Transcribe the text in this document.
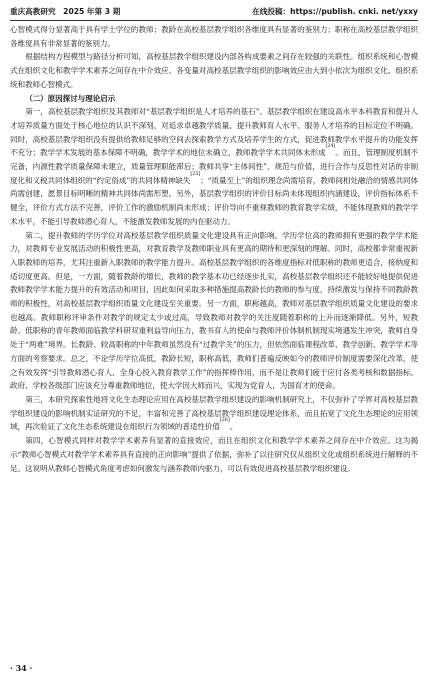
重庆高教研究　2025 年第 3 期	在线投稿：https://publish. cnki. net/yxxy

心智模式得分显著高于具有学士学位的教师；教龄在高校基层教学组织各维度具有显著的鉴别力；职称在高校基层教学组织各维度具有非常显著的鉴别力。

根据结构方程模型与路径分析可知，高校基层教学组织建设内部各构成要素之间存在较强的关联性。组织系统和心智模式在组织文化和教学学术素养之间存在中介效应。各变量对高校基层教学组织的影响效应由大到小依次为组织文化、组织系统和教师心智模式。

（二）原因探讨与理论启示

第一，高校基层教学组织及其教师对“基层教学组织是人才培养的基石”、基层教学组织在建设高水平本科教育和提升人才培养质量方面处于核心地位的认识不深刻，对追求卓越教学质量、提升教师育人水平、服务人才培养的目标定位不明确。同时，高校基层教学组织没有提供给教师足够的空间去探索教学方式及培养学生的方式，促进教师教学水平提升的功能发挥不充分；教学学术发展的基本保障不明确，教学学术的地位未确立，教师教学学术共同体未形成[24]。而且，管理制度机制不完备，内源性教学质量保障未建立，质量管理职能滞后；教师共享“主体间性”、规范与价值，进行合作与反思性对话的非制度化和义税共同体组织的“约定俗成”的共同体精神缺失[25]；“质量至上”的组织理念尚需培育，教师间相处融洽的情感共同体尚需创建，愿景目标明晰的精神共同体尚需形塑。另外，基层教学组织的评价目标尚未体现组织内涵建设，评价指标体系不健全，评价方式方法不完善，评价工作的激励机制尚未形成；评价导向不重视教师的教育教学实绩，不能体现教师的教学学术水平，不能引导教师潜心育人，不能激发教师发展的内在驱动力。

第二，提升教师的学历学位对高校基层教学组织质量文化建设具有正向影响。学历学位高的教师拥有更强的教学学术能力，对教师专业发展活动的积极性更高，对教育教学及教师职业具有更高的期待和更深刻的理解。同时，高校都非常重视新入职教师的培养，尤其注重新入职教师的教学能力提升。高校基层教学组织的各维度指标对低职称的教师更适合，接纳度和适切度更高。但是，一方面，随着教龄的增长，教师的教学基本功已经逐步扎实，高校基层教学组织还不能较好地提供促进教师教学学术能力提升的有效活动和项目，因此如何采取多种措施提高教龄长的教师的参与度，持续激发与保持不同教龄教师的积极性，对高校基层教学组织质量文化建设至关重要。另一方面，职称越高，教师对基层教学组织质量文化建设的要求也越高。教师职称评审条件对教学的规定太少或过高，导致教师对教学的关注度随着职称的上升而逐渐降低。另外，短教龄、低职称的青年教师面临教学科研双重利益导向压力，教书育人的使命与教师评价体制机制现实境遇发生冲突，教师自身处于“两难”境界。长教龄、较高职称的中年教师虽然没有“过教学关”的压力，但依然面临课程改革、教学创新、教学学术等方面的考察要求。总之，不论学历学位高低，教龄长短，职称高低，教师们普遍反映如今的教师评价制度需要深化改革，使之有效发挥“引导教师潜心育人、全身心投入教育教学工作”的指挥棒作用，而不是让教师们疲于应付各类考核和数据指标。政府、学校各级部门应该充分尊重教师地位，使大学因大师而兴，实现为党育人，为国育才的使命。

第三，本研究探索性地将文化生态理论应用在高校基层教学组织建设的影响机制研究上，不仅弥补了学界对高校基层教学组织建设的影响机制实证研究的不足，丰富和完善了高校基层教学组织建设理论体系，而且拓宽了文化生态理论的应用领域，再次验证了文化生态系统建设在组织行为领域的普适性价值[26]。

第四，心智模式同样对教学学术素养有显著的直接效应，而且在组织文化和教学学术素养之间存在中介效应。这为揭示“教师心智模式对教学学术素养具有直接的正向影响”提供了依据，弥补了以往研究仅从组织文化或组织系统进行解释的不足。这说明从教师心智模式角度考虑如何激发与涵养教师内驱力，可以有效促进高校基层教学组织建设。

· 34 ·
